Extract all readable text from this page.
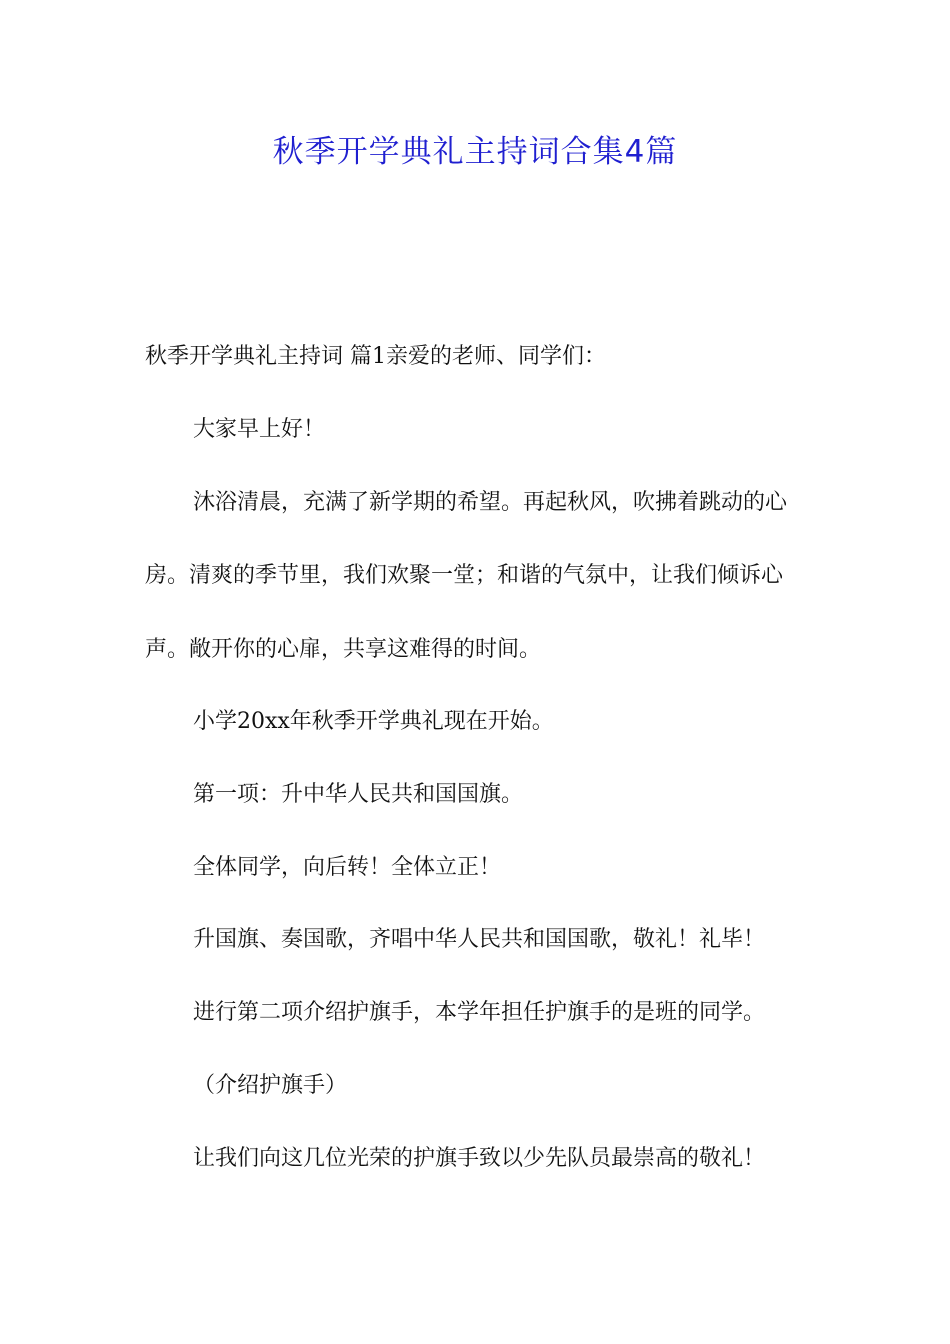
秋季开学典礼主持词合集4篇

秋季开学典礼主持词 篇1亲爱的老师、同学们：

大家早上好！

沐浴清晨，充满了新学期的希望。再起秋风，吹拂着跳动的心房。清爽的季节里，我们欢聚一堂；和谐的气氛中，让我们倾诉心声。敞开你的心扉，共享这难得的时间。

小学20xx年秋季开学典礼现在开始。

第一项：升中华人民共和国国旗。

全体同学，向后转！全体立正！

升国旗、奏国歌，齐唱中华人民共和国国歌，敬礼！礼毕！

进行第二项介绍护旗手，本学年担任护旗手的是班的同学。

（介绍护旗手）

让我们向这几位光荣的护旗手致以少先队员最崇高的敬礼！
